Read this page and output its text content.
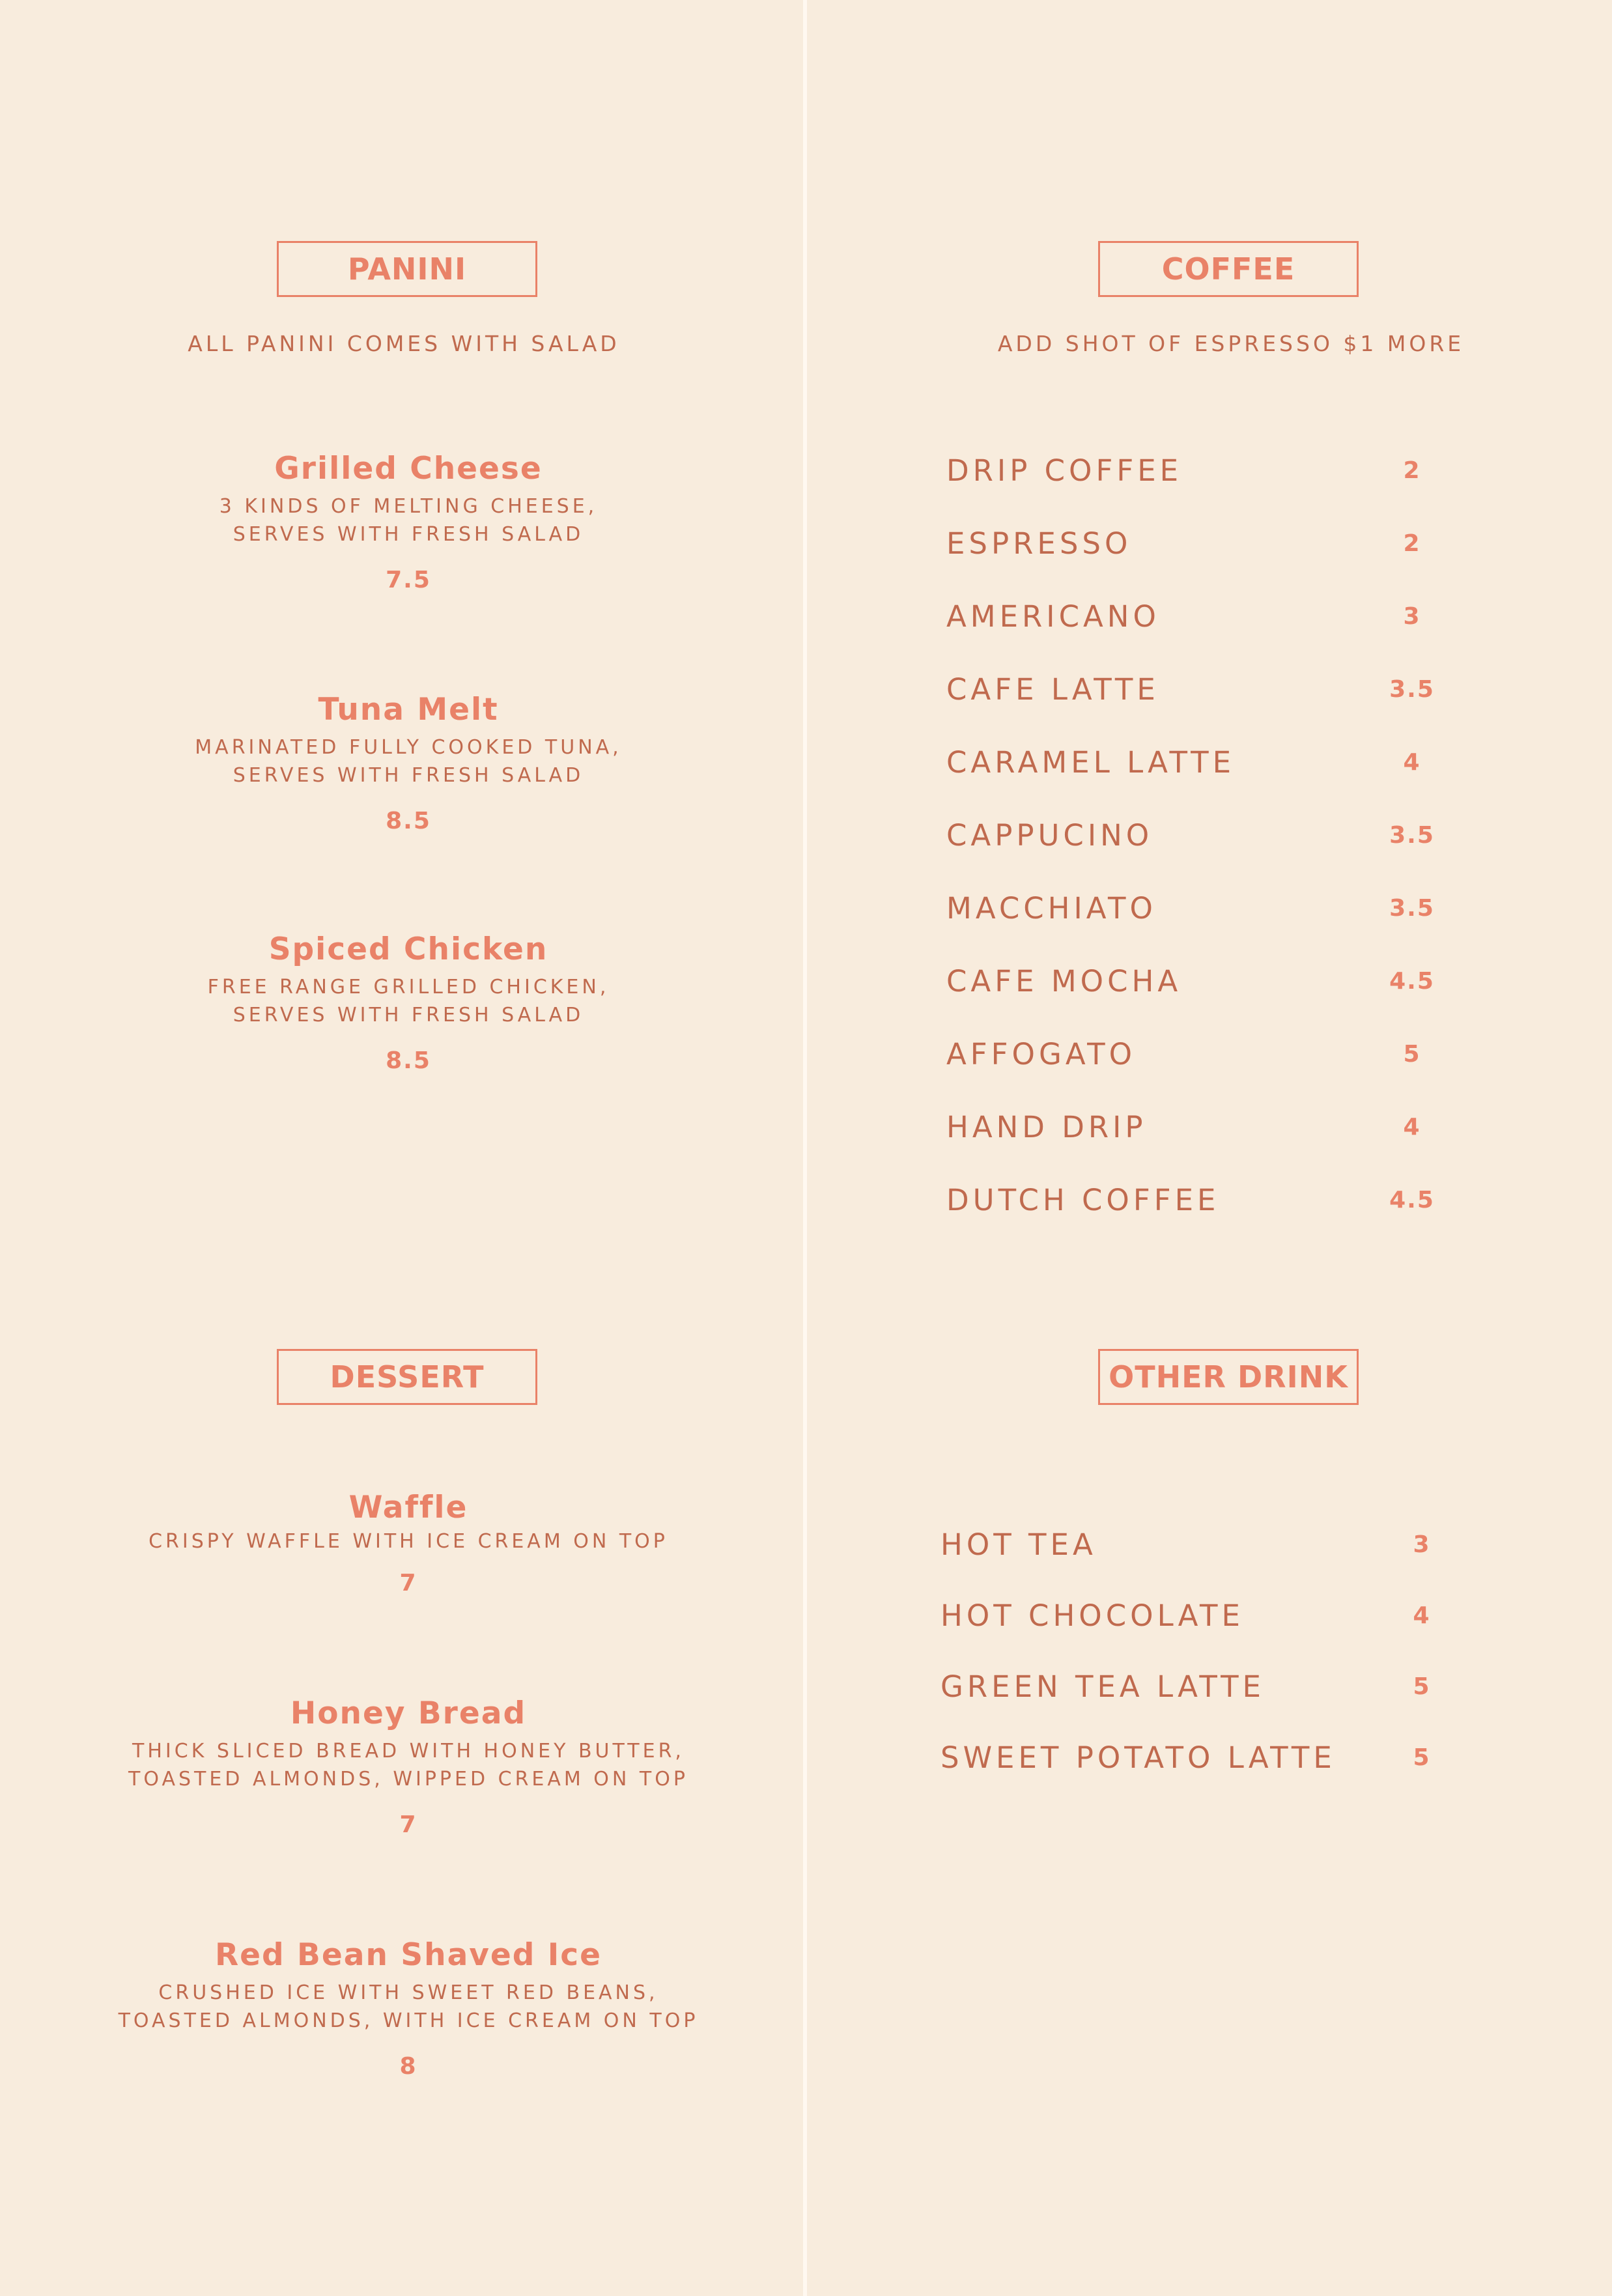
PANINI
ALL PANINI COMES WITH SALAD
Grilled Cheese
3 KINDS OF MELTING CHEESE,
SERVES WITH FRESH SALAD
7.5
Tuna Melt
MARINATED FULLY COOKED TUNA,
SERVES WITH FRESH SALAD
8.5
Spiced Chicken
FREE RANGE GRILLED CHICKEN,
SERVES WITH FRESH SALAD
8.5
COFFEE
ADD SHOT OF ESPRESSO $1 MORE
DRIP COFFEE	2
ESPRESSO	2
AMERICANO	3
CAFE LATTE	3.5
CARAMEL LATTE	4
CAPPUCINO	3.5
MACCHIATO	3.5
CAFE MOCHA	4.5
AFFOGATO	5
HAND DRIP	4
DUTCH COFFEE	4.5
DESSERT
Waffle
CRISPY WAFFLE WITH ICE CREAM ON TOP
7
Honey Bread
THICK SLICED BREAD WITH HONEY BUTTER,
TOASTED ALMONDS, WIPPED CREAM ON TOP
7
Red Bean Shaved Ice
CRUSHED ICE WITH SWEET RED BEANS,
TOASTED ALMONDS, WITH ICE CREAM ON TOP
8
OTHER DRINK
HOT TEA	3
HOT CHOCOLATE	4
GREEN TEA LATTE	5
SWEET POTATO LATTE	5
